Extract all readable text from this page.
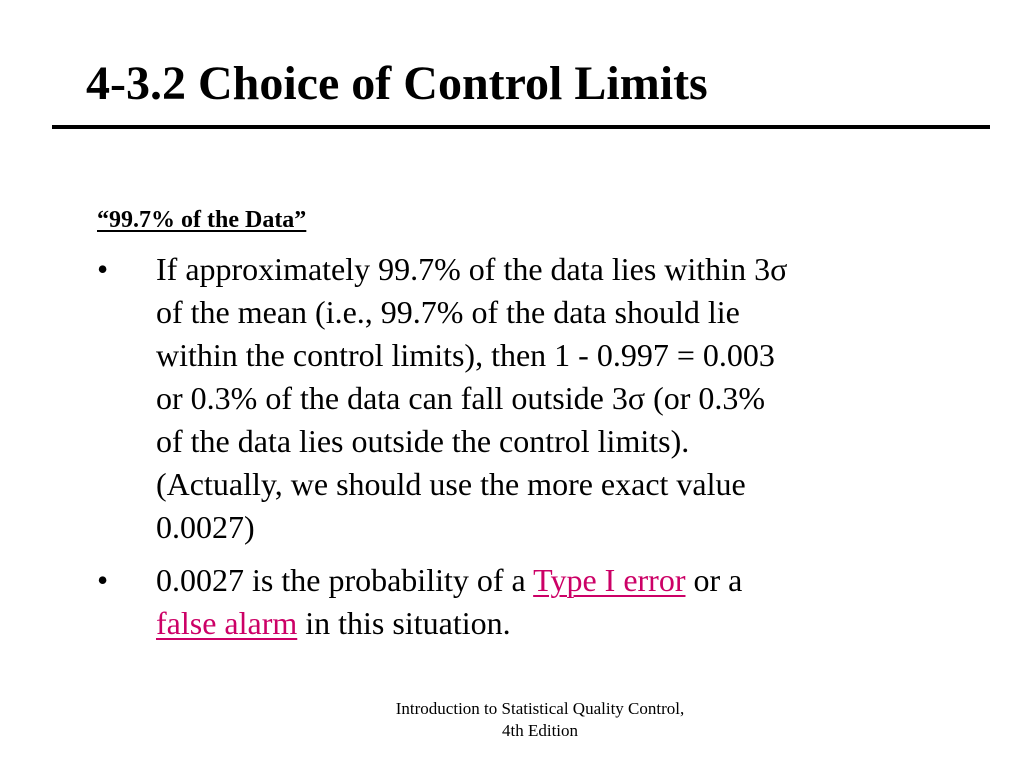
4-3.2 Choice of Control Limits
“99.7% of the Data”
•	If approximately 99.7% of the data lies within 3σ
of the mean (i.e., 99.7% of the data should lie
within the control limits), then 1 - 0.997 = 0.003
or 0.3% of the data can fall outside 3σ (or 0.3%
of the data lies outside the control limits).
(Actually, we should use the more exact value
0.0027)
•	0.0027 is the probability of a Type I error or a
false alarm in this situation.
Introduction to Statistical Quality Control,
4th Edition
